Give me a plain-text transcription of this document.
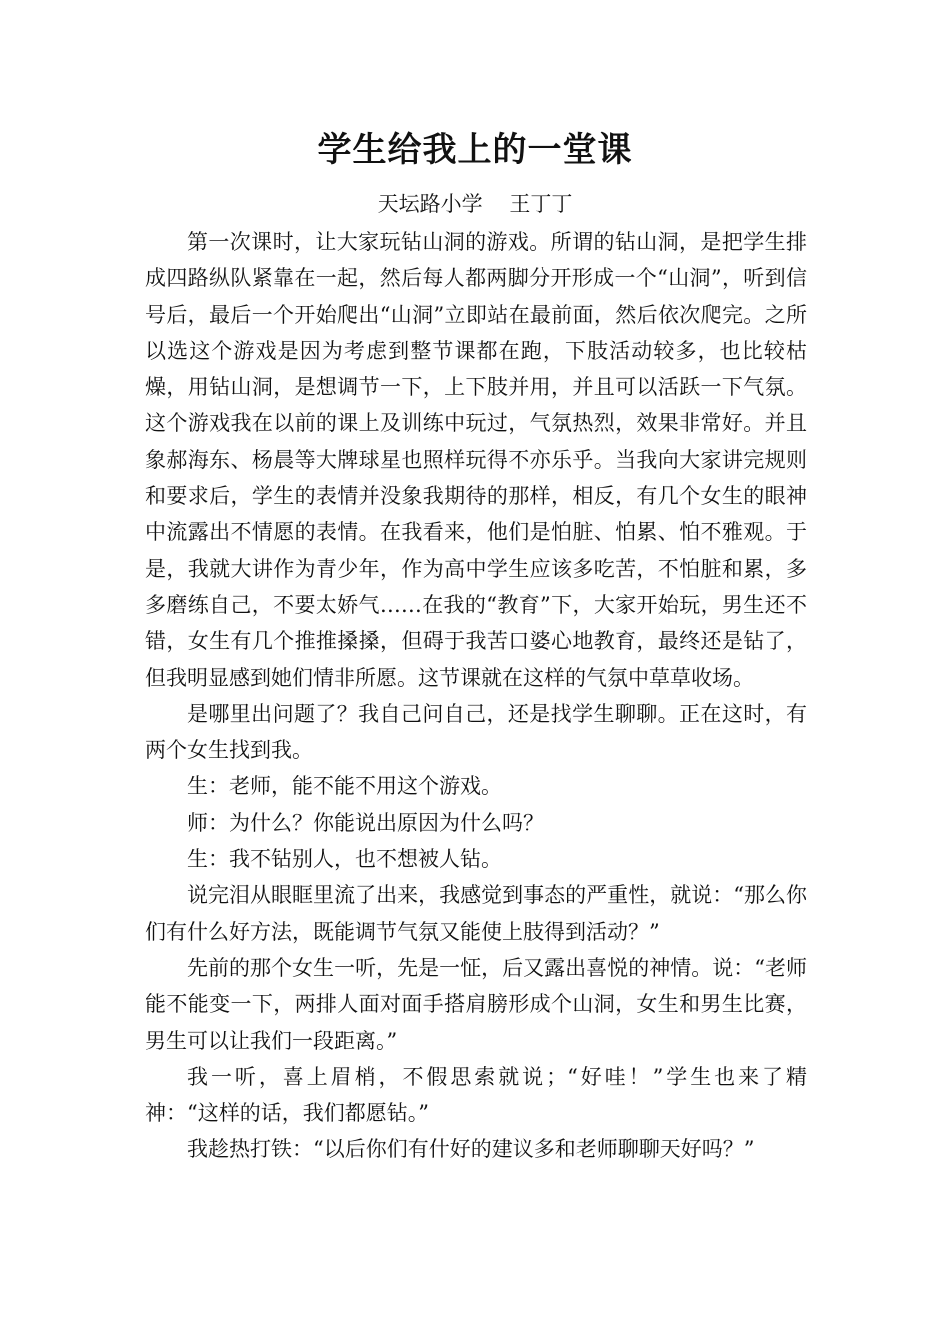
学生给我上的一堂课

天坛路小学    王丁丁

第一次课时，让大家玩钻山洞的游戏。所谓的钻山洞，是把学生排成四路纵队紧靠在一起，然后每人都两脚分开形成一个“山洞”，听到信号后，最后一个开始爬出“山洞”立即站在最前面，然后依次爬完。之所以选这个游戏是因为考虑到整节课都在跑，下肢活动较多，也比较枯燥，用钻山洞，是想调节一下，上下肢并用，并且可以活跃一下气氛。这个游戏我在以前的课上及训练中玩过，气氛热烈，效果非常好。并且象郝海东、杨晨等大牌球星也照样玩得不亦乐乎。当我向大家讲完规则和要求后，学生的表情并没象我期待的那样，相反，有几个女生的眼神中流露出不情愿的表情。在我看来，他们是怕脏、怕累、怕不雅观。于是，我就大讲作为青少年，作为高中学生应该多吃苦，不怕脏和累，多多磨练自己，不要太娇气……在我的“教育”下，大家开始玩，男生还不错，女生有几个推推搡搡，但碍于我苦口婆心地教育，最终还是钻了，但我明显感到她们情非所愿。这节课就在这样的气氛中草草收场。

是哪里出问题了？我自己问自己，还是找学生聊聊。正在这时，有两个女生找到我。

生：老师，能不能不用这个游戏。

师：为什么？你能说出原因为什么吗？

生：我不钻别人，也不想被人钻。

说完泪从眼眶里流了出来，我感觉到事态的严重性，就说：“那么你们有什么好方法，既能调节气氛又能使上肢得到活动？”

先前的那个女生一听，先是一怔，后又露出喜悦的神情。说：“老师能不能变一下，两排人面对面手搭肩膀形成个山洞，女生和男生比赛，男生可以让我们一段距离。”

我一听，喜上眉梢，不假思索就说；“好哇！”学生也来了精神：“这样的话，我们都愿钻。”

我趁热打铁：“以后你们有什好的建议多和老师聊聊天好吗？”
